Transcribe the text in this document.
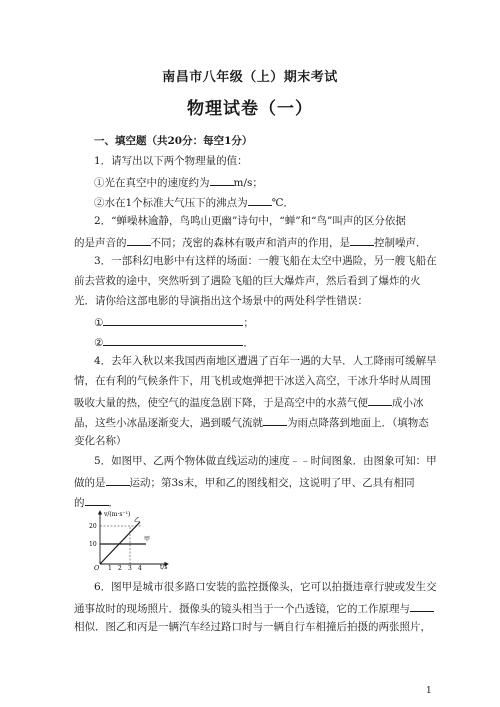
南昌市八年级（上）期末考试
物理试卷（一）
一、填空题（共20分：每空1分）
1．请写出以下两个物理量的值：
①光在真空中的速度约为 m/s；
②水在1个标准大气压下的沸点为 ℃．
2．“蝉噪林逾静，鸟鸣山更幽”诗句中，“蝉”和“鸟”叫声的区分依据
的是声音的 不同；茂密的森林有吸声和消声的作用，是 控制噪声．
3．一部科幻电影中有这样的场面：一艘飞船在太空中遇险，另一艘飞船在
前去营救的途中，突然听到了遇险飞船的巨大爆炸声，然后看到了爆炸的火
光．请你给这部电影的导演指出这个场景中的两处科学性错误：
①	；
②	．
4．去年入秋以来我国西南地区遭遇了百年一遇的大旱．人工降雨可缓解旱
情，在有利的气候条件下，用飞机或炮弹把干冰送入高空，干冰升华时从周围
吸收大量的热，使空气的温度急剧下降，于是高空中的水蒸气便 成小冰
晶，这些小冰晶逐渐变大，遇到暖气流就 为雨点降落到地面上．（填物态
变化名称）
5．如图甲、乙两个物体做直线运动的速度﹣﹣时间图象．由图象可知：甲
做的是 运动；第3s末，甲和乙的图线相交，这说明了甲、乙具有相同
的 ．
v/(m·s⁻¹)
t/s
O
20
10
1 2 3 4
乙
甲
6．图甲是城市很多路口安装的监控摄像头，它可以拍摄违章行驶或发生交
通事故时的现场照片．摄像头的镜头相当于一个凸透镜，它的工作原理与
相似．图乙和丙是一辆汽车经过路口时与一辆自行车相撞后拍摄的两张照片，
1
